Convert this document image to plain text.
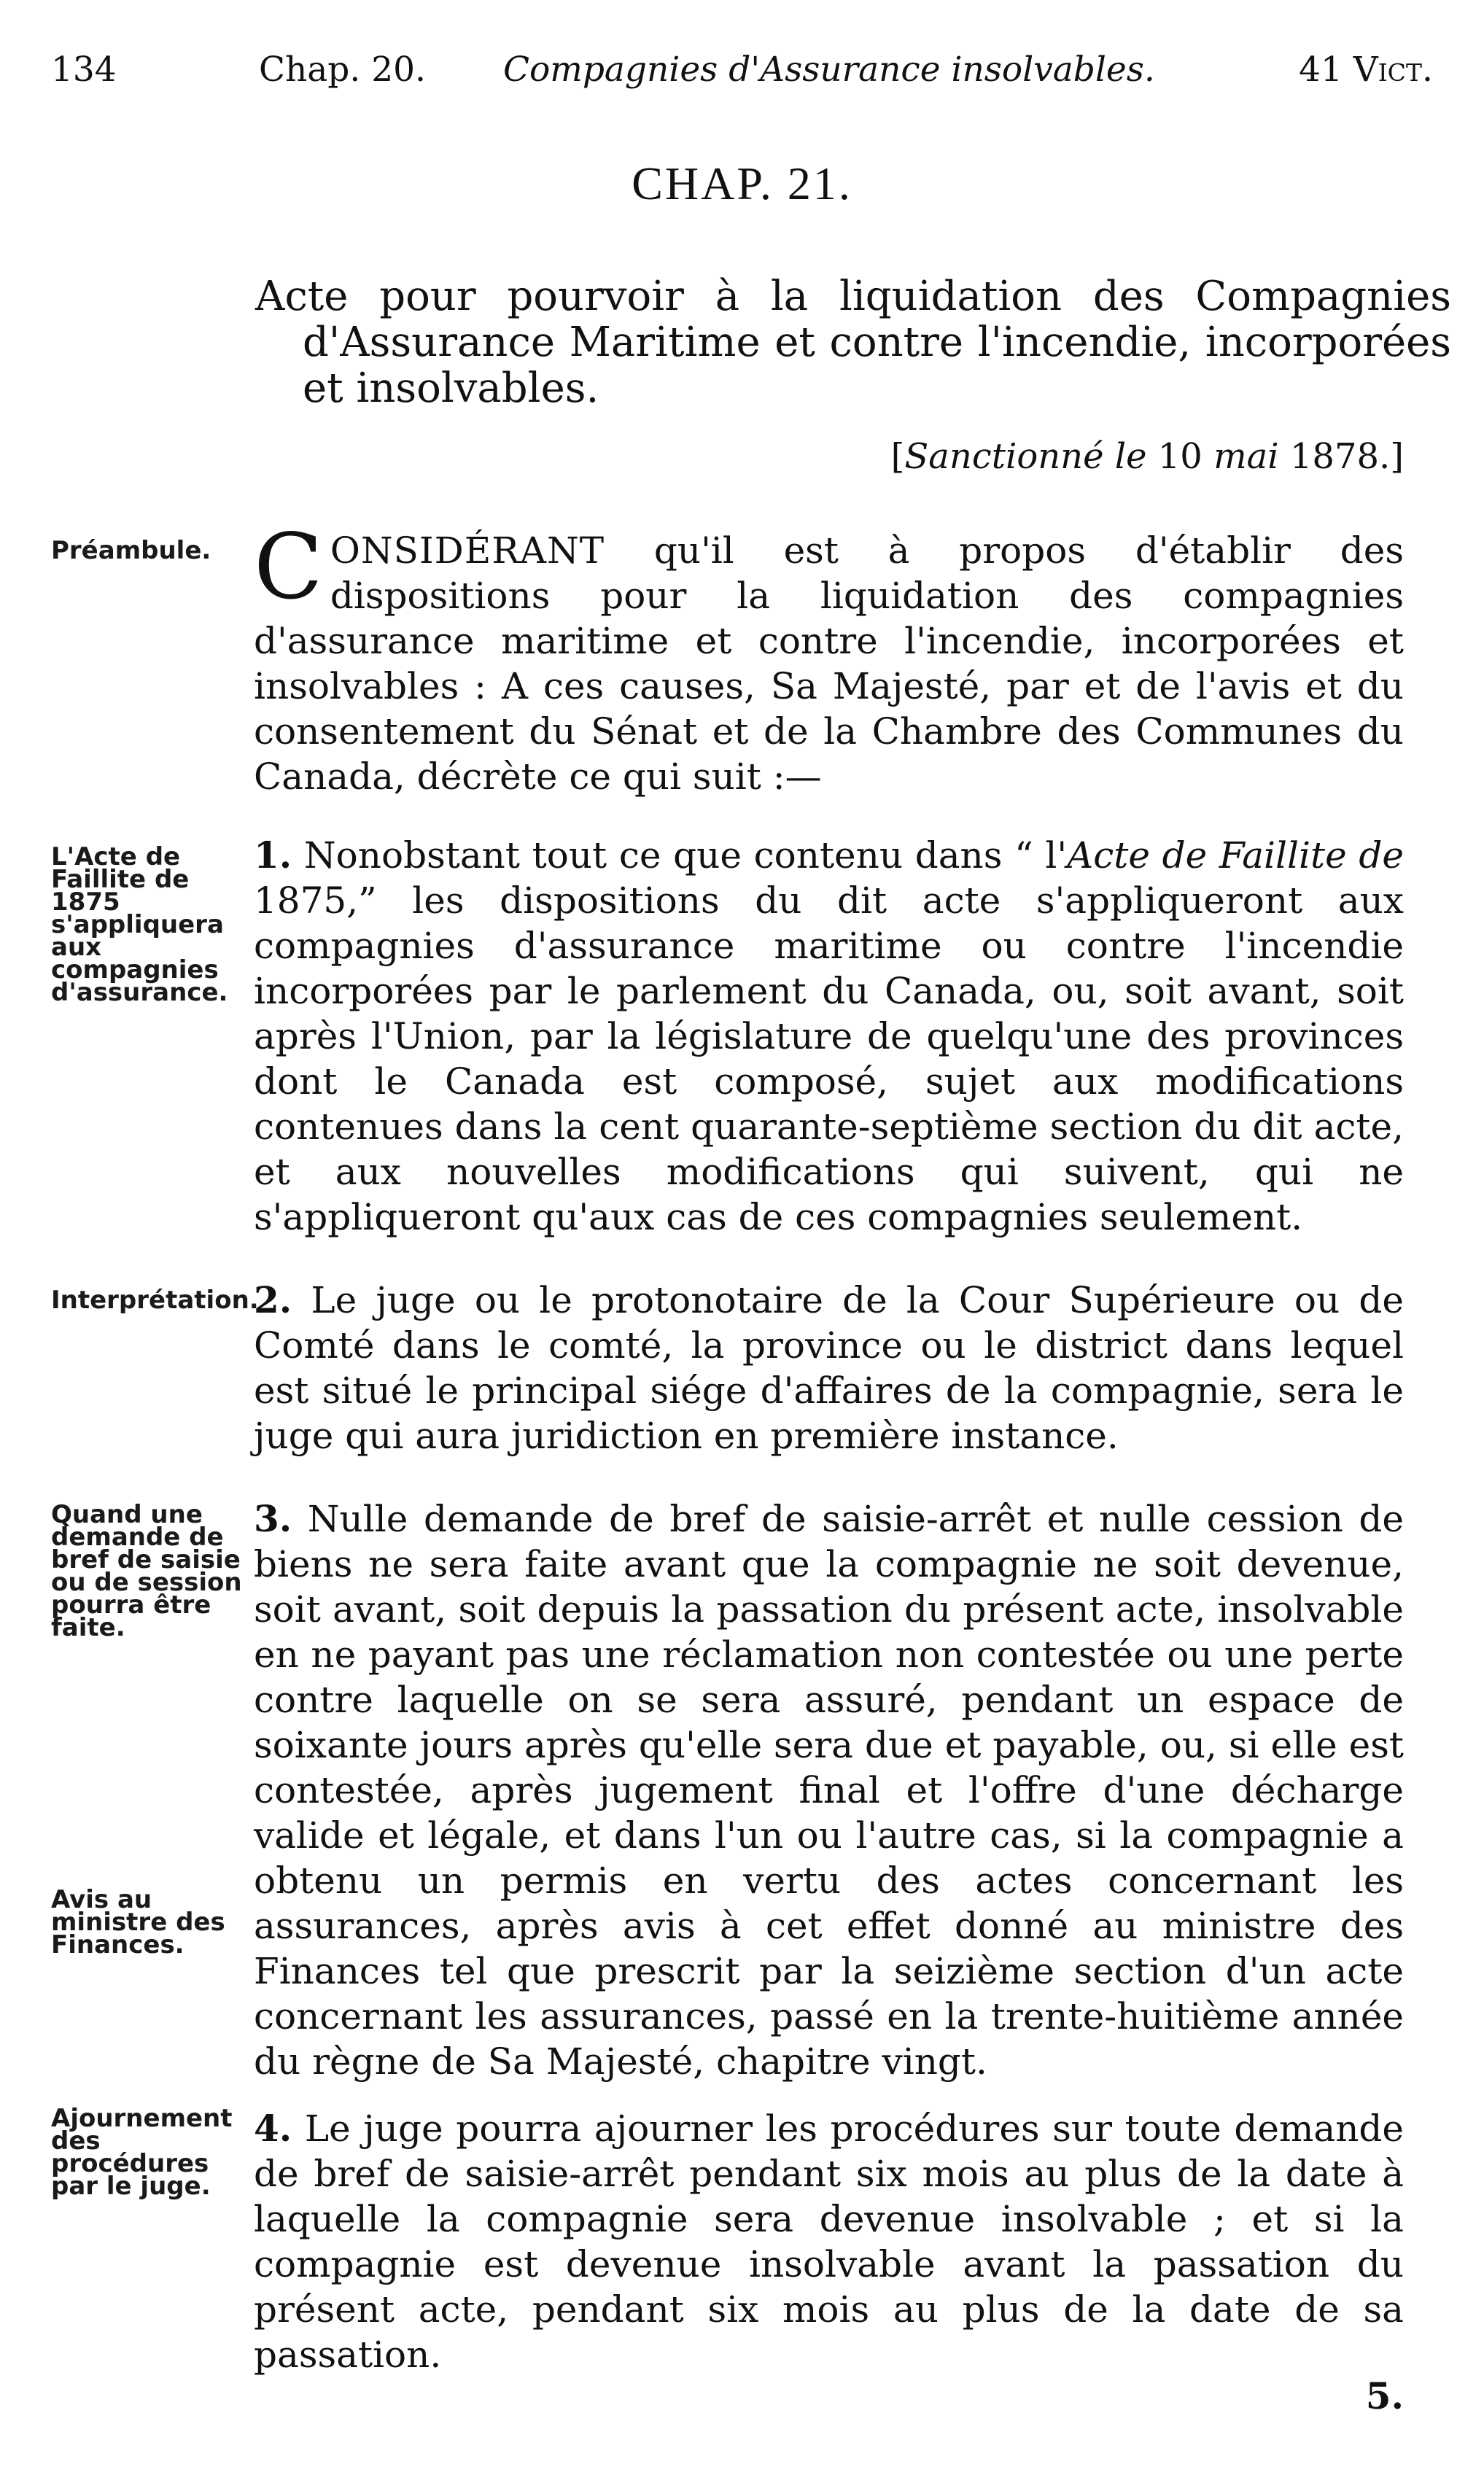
134	Chap. 20. Compagnies d'Assurance insolvables.	41 Vict.
CHAP. 21.
Acte pour pourvoir à la liquidation des Compagnies d'Assurance Maritime et contre l'incendie, incorporées et insolvables.
[Sanctionné le 10 mai 1878.]
Préambule. CONSIDÉRANT qu'il est à propos d'établir des dispositions pour la liquidation des compagnies d'assurance maritime et contre l'incendie, incorporées et insolvables : A ces causes, Sa Majesté, par et de l'avis et du consentement du Sénat et de la Chambre des Communes du Canada, décrète ce qui suit :—
L'Acte de Faillite de 1875 s'appliquera aux compagnies d'assurance.
1. Nonobstant tout ce que contenu dans “ l'Acte de Faillite de 1875,” les dispositions du dit acte s'appliqueront aux compagnies d'assurance maritime ou contre l'incendie incorporées par le parlement du Canada, ou, soit avant, soit après l'Union, par la législature de quelqu'une des provinces dont le Canada est composé, sujet aux modifications contenues dans la cent quarante-septième section du dit acte, et aux nouvelles modifications qui suivent, qui ne s'appliqueront qu'aux cas de ces compagnies seulement.
Interprétation.
2. Le juge ou le protonotaire de la Cour Supérieure ou de Comté dans le comté, la province ou le district dans lequel est situé le principal siége d'affaires de la compagnie, sera le juge qui aura juridiction en première instance.
Quand une demande de bref de saisie ou de session pourra être faite.
Avis au ministre des Finances.
3. Nulle demande de bref de saisie-arrêt et nulle cession de biens ne sera faite avant que la compagnie ne soit devenue, soit avant, soit depuis la passation du présent acte, insolvable en ne payant pas une réclamation non contestée ou une perte contre laquelle on se sera assuré, pendant un espace de soixante jours après qu'elle sera due et payable, ou, si elle est contestée, après jugement final et l'offre d'une décharge valide et légale, et dans l'un ou l'autre cas, si la compagnie a obtenu un permis en vertu des actes concernant les assurances, après avis à cet effet donné au ministre des Finances tel que prescrit par la seizième section d'un acte concernant les assurances, passé en la trente-huitième année du règne de Sa Majesté, chapitre vingt.
Ajournement des procédures par le juge.
4. Le juge pourra ajourner les procédures sur toute demande de bref de saisie-arrêt pendant six mois au plus de la date à laquelle la compagnie sera devenue insolvable ; et si la compagnie est devenue insolvable avant la passation du présent acte, pendant six mois au plus de la date de sa passation.
5.
